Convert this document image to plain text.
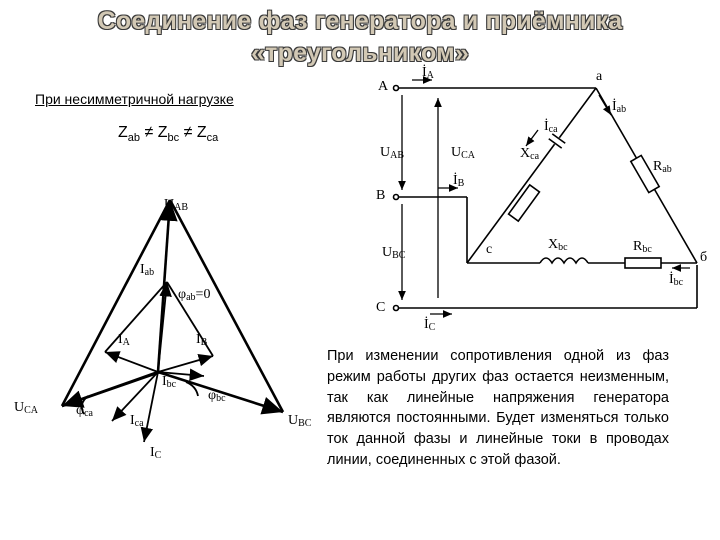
Соединение фаз генератора и приёмника
«треугольником»
При несимметричной нагрузке
$Z_{ab} \ne Z_{bc} \ne Z_{ca}$
При изменении сопротивления одной из фаз режим работы других фаз остается неизменным, так как линейные напряжения генератора являются постоянными. Будет изменяться только ток данной фазы и линейные токи в проводах линии, соединенных с этой фазой.
A
B
C
İA
İB
İC
İab
İca
İbc
UAB	UCA
UBC
a
б
c
Xca
Rab
Xbc	Rbc
UAB
Iab
φab=0
IA	IB
Ibc
UCA	φca	Ica
φbc
UBC
IC
